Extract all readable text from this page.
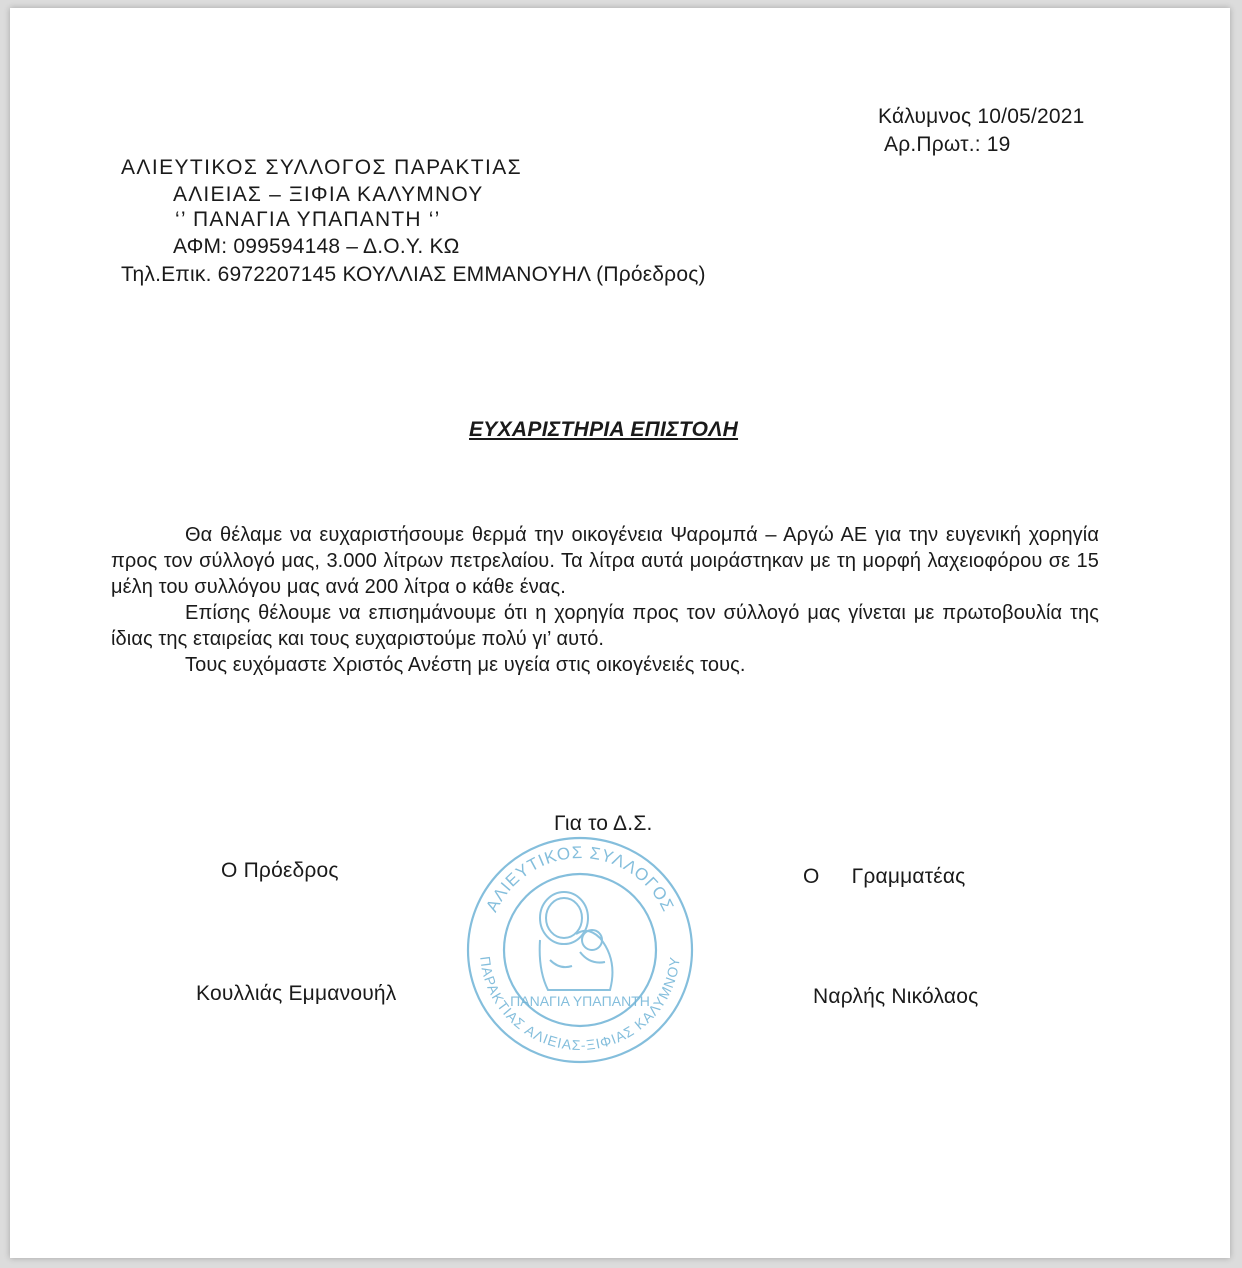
Κάλυμνος 10/05/2021
Αρ.Πρωτ.: 19
ΑΛΙΕΥΤΙΚΟΣ ΣΥΛΛΟΓΟΣ ΠΑΡΑΚΤΙΑΣ
ΑΛΙΕΙΑΣ – ΞΙΦΙΑ ΚΑΛΥΜΝΟΥ
‘’ ΠΑΝΑΓΙΑ ΥΠΑΠΑΝΤΗ ‘’
ΑΦΜ: 099594148 – Δ.Ο.Υ. ΚΩ
Τηλ.Επικ. 6972207145 ΚΟΥΛΛΙΑΣ ΕΜΜΑΝΟΥΗΛ (Πρόεδρος)
ΕΥΧΑΡΙΣΤΗΡΙΑ ΕΠΙΣΤΟΛΗ

Θα θέλαμε να ευχαριστήσουμε θερμά την οικογένεια Ψαρομπά – Αργώ ΑΕ για την ευγενική χορηγία προς τον σύλλογό μας, 3.000 λίτρων πετρελαίου. Τα λίτρα αυτά μοιράστηκαν με τη μορφή λαχειοφόρου σε 15 μέλη του συλλόγου μας ανά 200 λίτρα ο κάθε ένας.

Επίσης θέλουμε να επισημάνουμε ότι η χορηγία προς τον σύλλογό μας γίνεται με πρωτοβουλία της ίδιας της εταιρείας και τους ευχαριστούμε πολύ γι’ αυτό.

Τους ευχόμαστε Χριστός Ανέστη με υγεία στις οικογένειές τους.

Για το Δ.Σ.
Ο Πρόεδρος	Ο Γραμματέας
Κουλλιάς Εμμανουήλ	Ναρλής Νικόλαος
ΑΛΙΕΥΤΙΚΟΣ ΣΥΛΛΟΓΟΣ
ΠΑΡΑΚΤΙΑΣ ΑΛΙΕΙΑΣ-ΞΙΦΙΑΣ ΚΑΛΥΜΝΟΥ
ΠΑΝΑΓΙΑ ΥΠΑΠΑΝΤΗ
